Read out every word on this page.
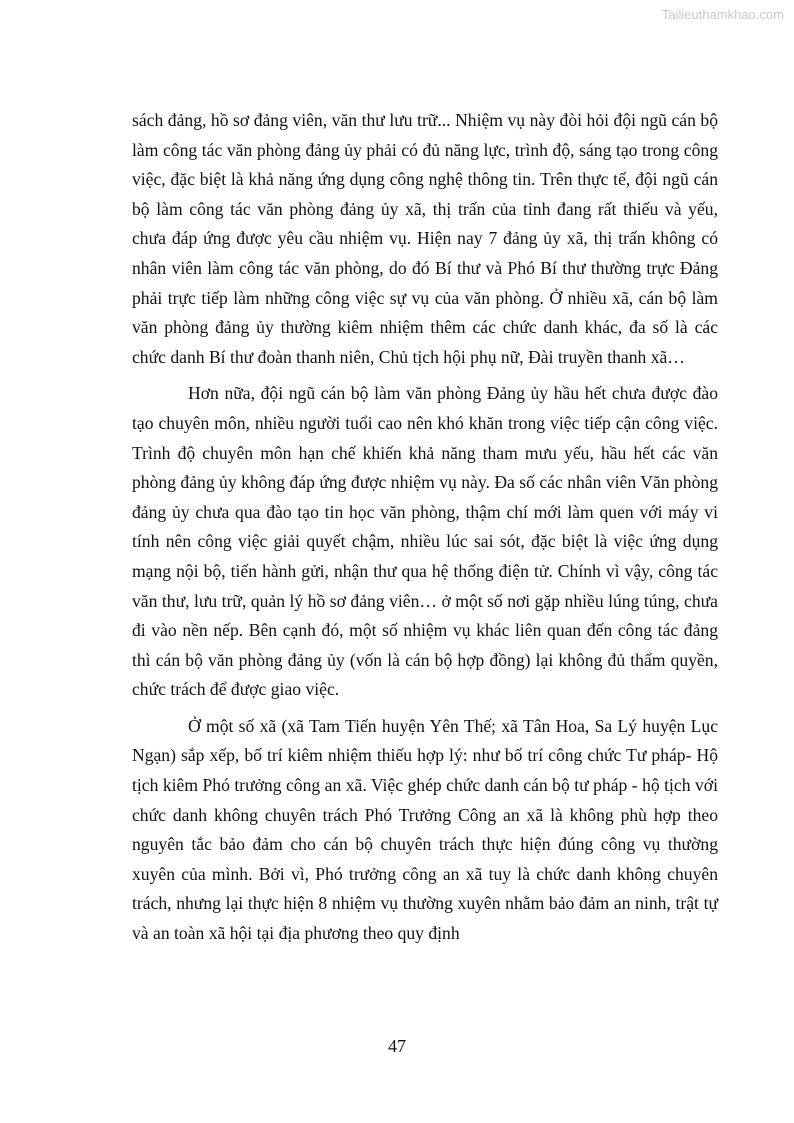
Tailieuthamkhao.com

sách đảng, hồ sơ đảng viên, văn thư lưu trữ... Nhiệm vụ này đòi hỏi đội ngũ cán bộ làm công tác văn phòng đảng ủy phải có đủ năng lực, trình độ, sáng tạo trong công việc, đặc biệt là khả năng ứng dụng công nghệ thông tin. Trên thực tế, đội ngũ cán bộ làm công tác văn phòng đảng ủy xã, thị trấn của tỉnh đang rất thiếu và yếu, chưa đáp ứng được yêu cầu nhiệm vụ. Hiện nay 7 đảng ủy xã, thị trấn không có nhân viên làm công tác văn phòng, do đó Bí thư và Phó Bí thư thường trực Đảng phải trực tiếp làm những công việc sự vụ của văn phòng. Ở nhiều xã, cán bộ làm văn phòng đảng ủy thường kiêm nhiệm thêm các chức danh khác, đa số là các chức danh Bí thư đoàn thanh niên, Chủ tịch hội phụ nữ, Đài truyền thanh xã…

Hơn nữa, đội ngũ cán bộ làm văn phòng Đảng ủy hầu hết chưa được đào tạo chuyên môn, nhiều người tuổi cao nên khó khăn trong việc tiếp cận công việc. Trình độ chuyên môn hạn chế khiến khả năng tham mưu yếu, hầu hết các văn phòng đảng ủy không đáp ứng được nhiệm vụ này. Đa số các nhân viên Văn phòng đảng ủy chưa qua đào tạo tin học văn phòng, thậm chí mới làm quen với máy vi tính nên công việc giải quyết chậm, nhiều lúc sai sót, đặc biệt là việc ứng dụng mạng nội bộ, tiến hành gửi, nhận thư qua hệ thống điện tử. Chính vì vậy, công tác văn thư, lưu trữ, quản lý hồ sơ đảng viên… ở một số nơi gặp nhiều lúng túng, chưa đi vào nền nếp. Bên cạnh đó, một số nhiệm vụ khác liên quan đến công tác đảng thì cán bộ văn phòng đảng ủy (vốn là cán bộ hợp đồng) lại không đủ thẩm quyền, chức trách để được giao việc.

Ở một số xã (xã Tam Tiến huyện Yên Thế; xã Tân Hoa, Sa Lý huyện Lục Ngạn) sắp xếp, bố trí kiêm nhiệm thiếu hợp lý: như bố trí công chức Tư pháp- Hộ tịch kiêm Phó trưởng công an xã. Việc ghép chức danh cán bộ tư pháp - hộ tịch với chức danh không chuyên trách Phó Trưởng Công an xã là không phù hợp theo nguyên tắc bảo đảm cho cán bộ chuyên trách thực hiện đúng công vụ thường xuyên của mình. Bởi vì, Phó trưởng công an xã tuy là chức danh không chuyên trách, nhưng lại thực hiện 8 nhiệm vụ thường xuyên nhằm bảo đảm an ninh, trật tự và an toàn xã hội tại địa phương theo quy định

47
